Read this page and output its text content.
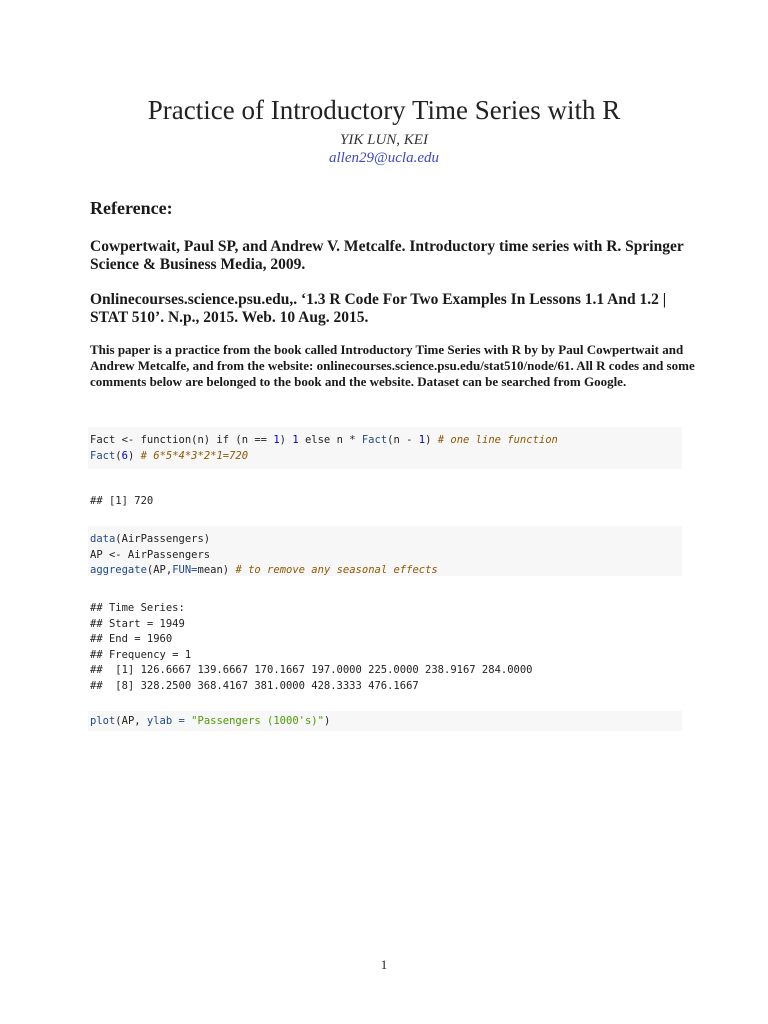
Practice of Introductory Time Series with R
YIK LUN, KEI
allen29@ucla.edu
Reference:
Cowpertwait, Paul SP, and Andrew V. Metcalfe. Introductory time series with R. Springer Science & Business Media, 2009.
Onlinecourses.science.psu.edu,. ‘1.3 R Code For Two Examples In Lessons 1.1 And 1.2 | STAT 510’. N.p., 2015. Web. 10 Aug. 2015.
This paper is a practice from the book called Introductory Time Series with R by by Paul Cowpertwait and Andrew Metcalfe, and from the website: onlinecourses.science.psu.edu/stat510/node/61. All R codes and some comments below are belonged to the book and the website. Dataset can be searched from Google.
Fact <- function(n) if (n == 1) 1 else n * Fact(n - 1) # one line function
Fact(6) # 6*5*4*3*2*1=720
## [1] 720
data(AirPassengers)
AP <- AirPassengers
aggregate(AP,FUN=mean) # to remove any seasonal effects
## Time Series:
## Start = 1949
## End = 1960
## Frequency = 1
##  [1] 126.6667 139.6667 170.1667 197.0000 225.0000 238.9167 284.0000
##  [8] 328.2500 368.4167 381.0000 428.3333 476.1667
plot(AP, ylab = "Passengers (1000's)")
1
